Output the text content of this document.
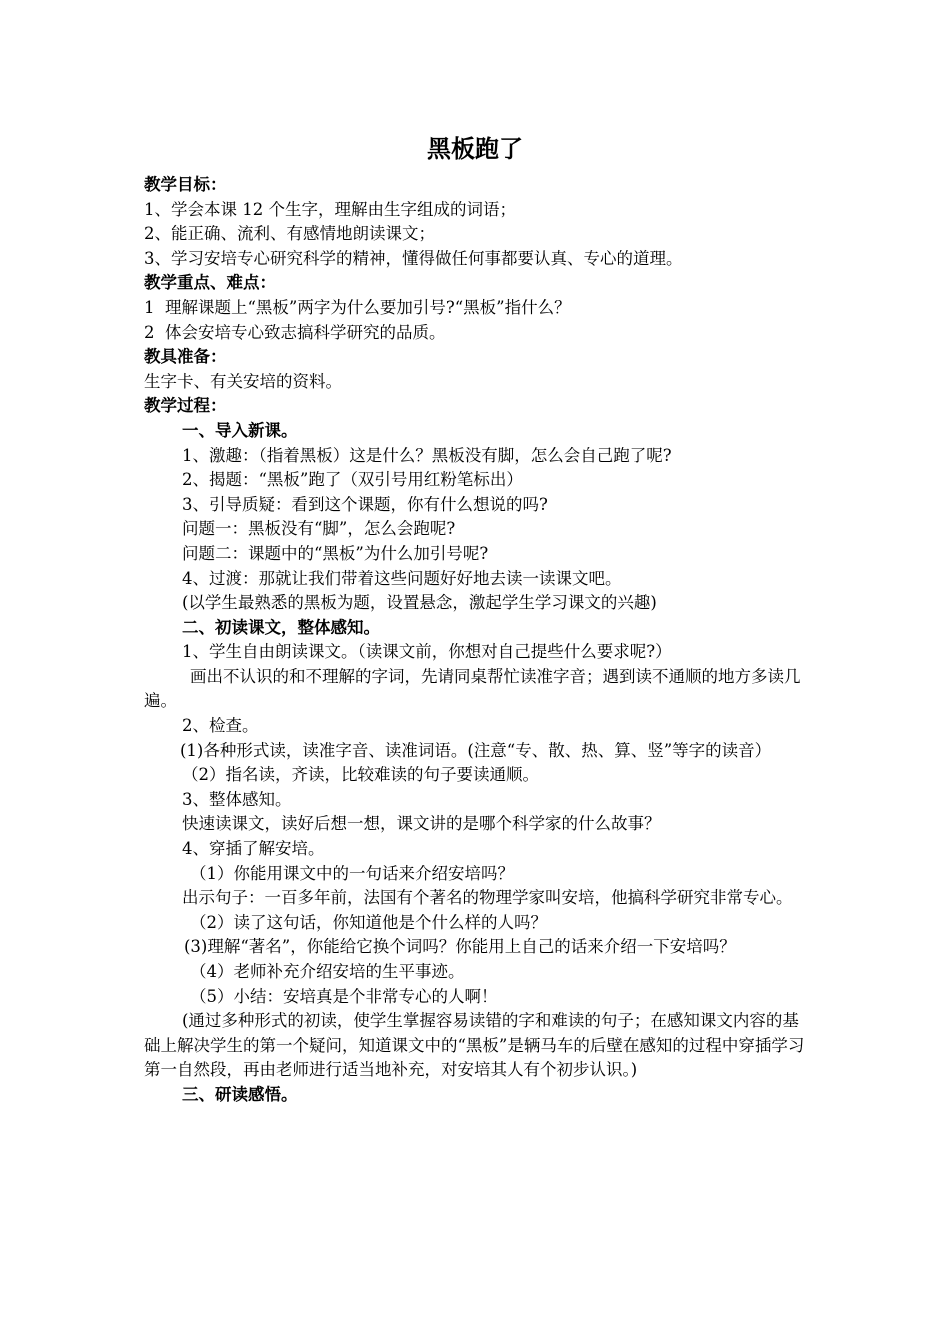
黑板跑了

教学目标：

1、学会本课 12 个生字，理解由生字组成的词语；

2、能正确、流利、有感情地朗读课文；

3、学习安培专心研究科学的精神，懂得做任何事都要认真、专心的道理。

教学重点、难点：

1  理解课题上“黑板”两字为什么要加引号?“黑板”指什么？

2  体会安培专心致志搞科学研究的品质。

教具准备：

生字卡、有关安培的资料。

教学过程：

一、导入新课。

1、激趣：（指着黑板）这是什么？黑板没有脚，怎么会自己跑了呢?

2、揭题：“黑板”跑了（双引号用红粉笔标出）

3、引导质疑：看到这个课题，你有什么想说的吗?

问题一：黑板没有“脚”，怎么会跑呢?

问题二：课题中的“黑板”为什么加引号呢?

4、过渡：那就让我们带着这些问题好好地去读一读课文吧。

(以学生最熟悉的黑板为题，设置悬念，激起学生学习课文的兴趣)

二、初读课文，整体感知。

1、学生自由朗读课文。（读课文前，你想对自己提些什么要求呢?）

画出不认识的和不理解的字词，先请同桌帮忙读准字音；遇到读不通顺的地方多读几遍。

2、检查。

(1)各种形式读，读准字音、读准词语。(注意“专、散、热、算、竖”等字的读音）

（2）指名读，齐读，比较难读的句子要读通顺。

3、整体感知。

快速读课文，读好后想一想，课文讲的是哪个科学家的什么故事？

4、穿插了解安培。

（1）你能用课文中的一句话来介绍安培吗？

出示句子：一百多年前，法国有个著名的物理学家叫安培，他搞科学研究非常专心。

（2）读了这句话，你知道他是个什么样的人吗？

(3)理解“著名”，你能给它换个词吗？你能用上自己的话来介绍一下安培吗？

（4）老师补充介绍安培的生平事迹。

（5）小结：安培真是个非常专心的人啊！

(通过多种形式的初读，使学生掌握容易读错的字和难读的句子；在感知课文内容的基础上解决学生的第一个疑问，知道课文中的“黑板”是辆马车的后壁在感知的过程中穿插学习第一自然段，再由老师进行适当地补充，对安培其人有个初步认识。)

三、研读感悟。
